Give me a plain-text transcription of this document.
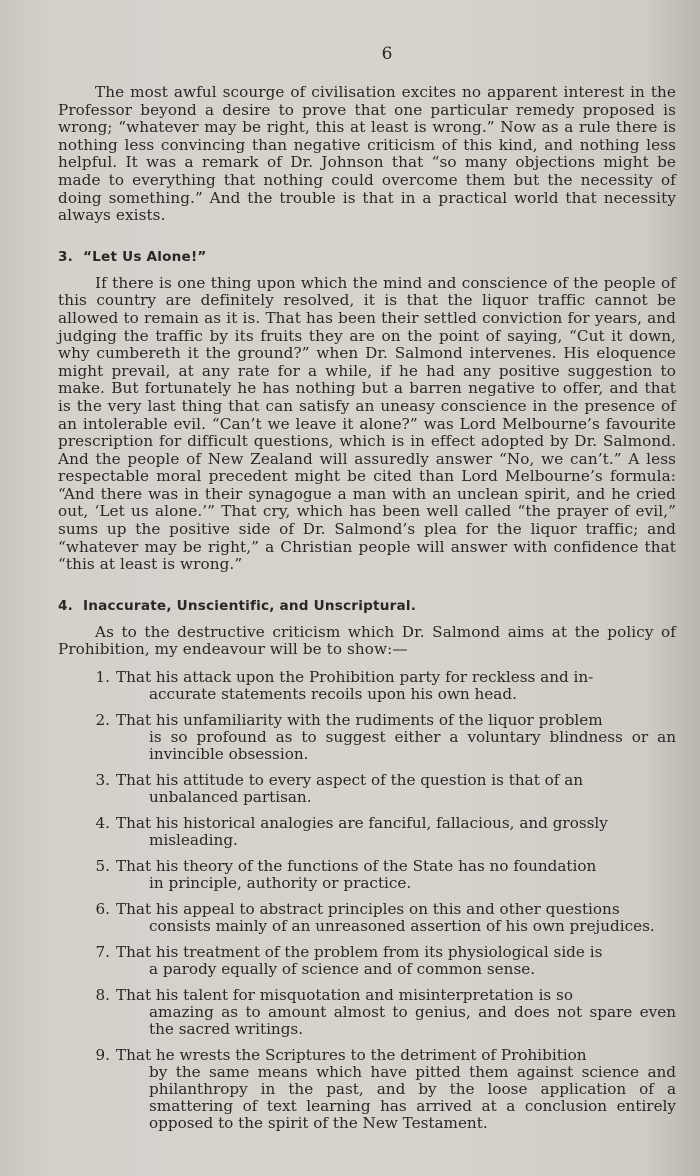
6

The most awful scourge of civilisation excites no apparent interest in the Professor beyond a desire to prove that one particular remedy proposed is wrong; “whatever may be right, this at least is wrong.” Now as a rule there is nothing less convincing than negative criticism of this kind, and nothing less helpful. It was a remark of Dr. Johnson that “so many objections might be made to everything that nothing could overcome them but the necessity of doing something.” And the trouble is that in a practical world that necessity always exists.

3. “Let Us Alone!”

If there is one thing upon which the mind and conscience of the people of this country are definitely resolved, it is that the liquor traffic cannot be allowed to remain as it is. That has been their settled conviction for years, and judging the traffic by its fruits they are on the point of saying, “Cut it down, why cumbereth it the ground?” when Dr. Salmond intervenes. His eloquence might prevail, at any rate for a while, if he had any positive suggestion to make. But fortunately he has nothing but a barren negative to offer, and that is the very last thing that can satisfy an uneasy conscience in the presence of an intolerable evil. “Can’t we leave it alone?” was Lord Melbourne’s favourite prescription for difficult questions, which is in effect adopted by Dr. Salmond. And the people of New Zealand will assuredly answer “No, we can’t.” A less respectable moral precedent might be cited than Lord Melbourne’s formula: “And there was in their synagogue a man with an unclean spirit, and he cried out, ‘Let us alone.’” That cry, which has been well called “the prayer of evil,” sums up the positive side of Dr. Salmond’s plea for the liquor traffic; and “whatever may be right,” a Christian people will answer with confidence that “this at least is wrong.”

4. Inaccurate, Unscientific, and Unscriptural.

As to the destructive criticism which Dr. Salmond aims at the policy of Prohibition, my endeavour will be to show:—

1. That his attack upon the Prohibition party for reckless and in-
accurate statements recoils upon his own head.
2. That his unfamiliarity with the rudiments of the liquor problem
is so profound as to suggest either a voluntary blindness or an invincible obsession.
3. That his attitude to every aspect of the question is that of an
unbalanced partisan.
4. That his historical analogies are fanciful, fallacious, and grossly
misleading.
5. That his theory of the functions of the State has no foundation
in principle, authority or practice.
6. That his appeal to abstract principles on this and other questions
consists mainly of an unreasoned assertion of his own prejudices.
7. That his treatment of the problem from its physiological side is
a parody equally of science and of common sense.
8. That his talent for misquotation and misinterpretation is so
amazing as to amount almost to genius, and does not spare even the sacred writings.
9. That he wrests the Scriptures to the detriment of Prohibition
by the same means which have pitted them against science and philanthropy in the past, and by the loose application of a smattering of text learning has arrived at a conclusion entirely opposed to the spirit of the New Testament.
